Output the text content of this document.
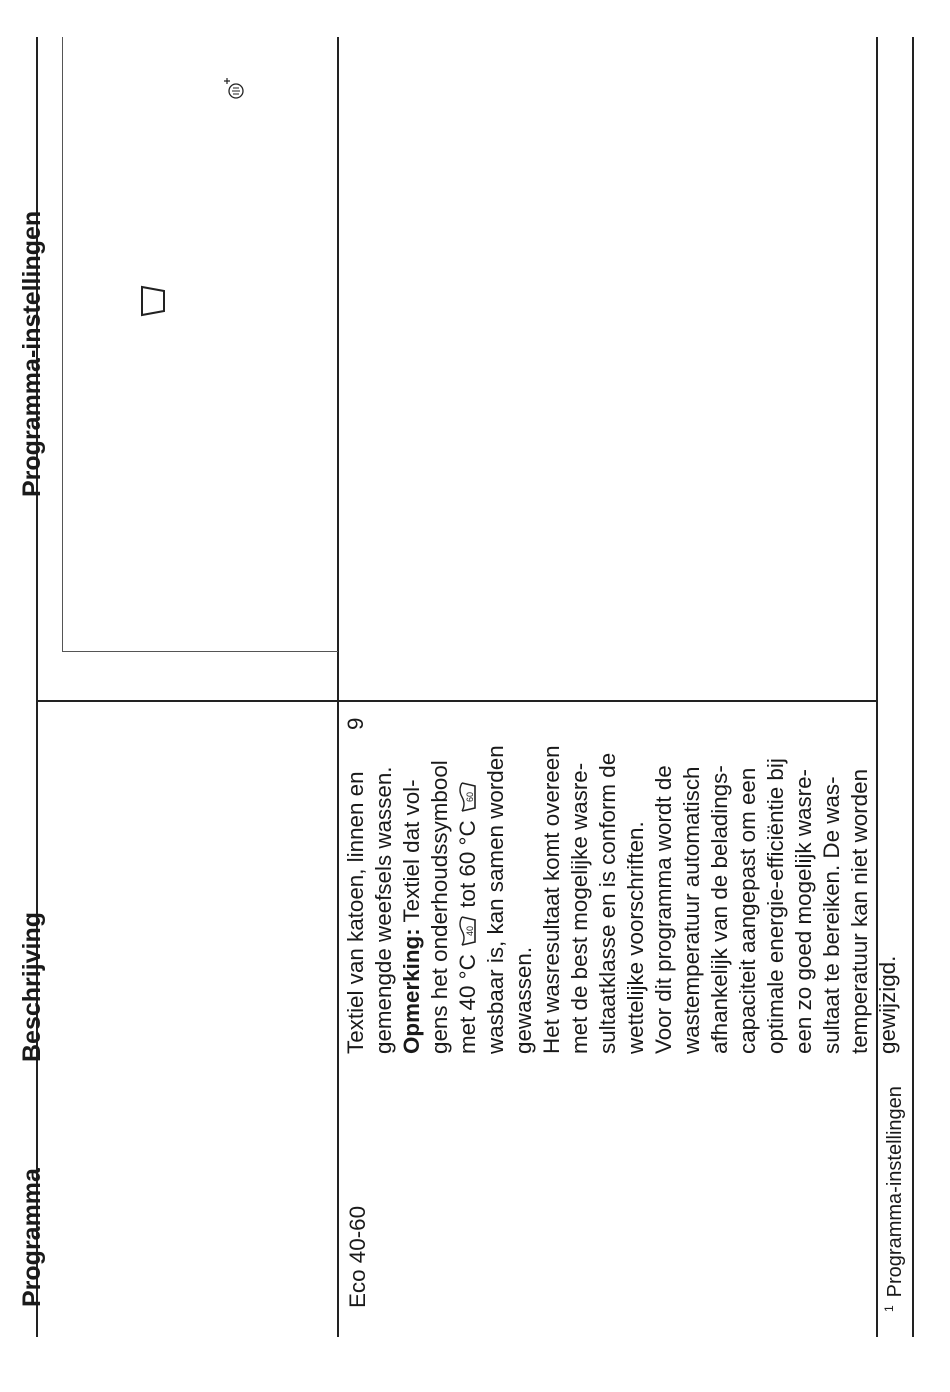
Programma
Beschrijving
Programma-instellingen
Eco 40-60
Textiel van katoen, linnen en gemengde weefsels wassen. Opmerking: Textiel dat vol- gens het onderhoudssymbool met 40 °C
40
tot 60 °C
60 wasbaar is, kan samen worden gewassen. Het wasresultaat komt overeen met de best mogelijke wasre- sultaatklasse en is conform de wettelijke voorschriften. Voor dit programma wordt de wastemperatuur automatisch afhankelijk van de beladings- capaciteit aangepast om een optimale energie-efficiëntie bij een zo goed mogelijk wasre- sultaat te bereiken. De was- temperatuur kan niet worden gewijzigd.
9
$^1$Programma-instellingen
